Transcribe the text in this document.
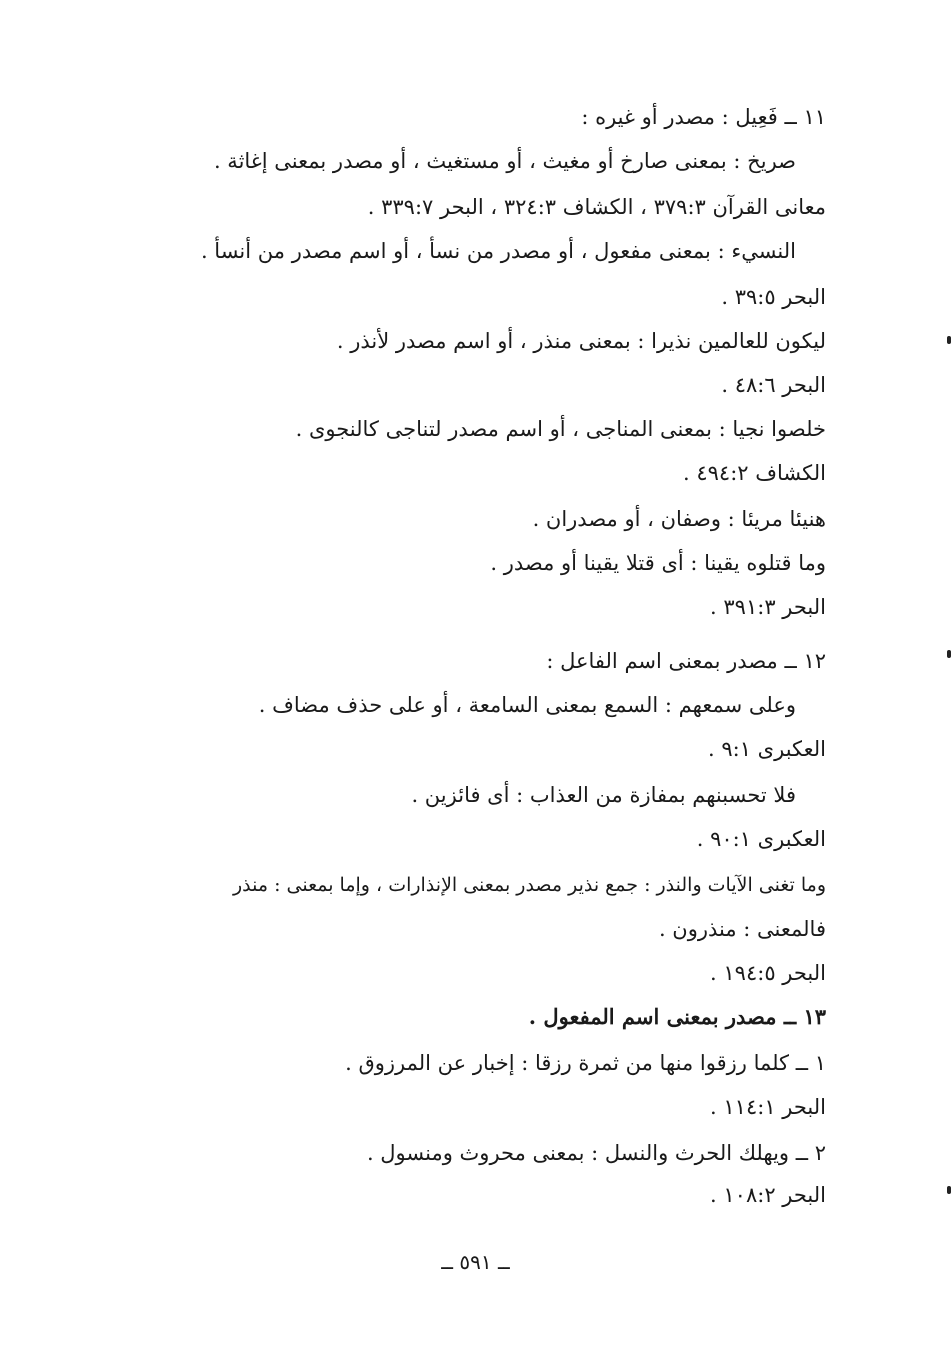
١١ ــ فَعِيل : مصدر أو غيره :
صريخ : بمعنى صارخ أو مغيث ، أو مستغيث ، أو مصدر بمعنى إغاثة .
معانى القرآن ٣٧٩:٣ ، الكشاف ٣٢٤:٣ ، البحر ٣٣٩:٧ .
النسيء : بمعنى مفعول ، أو مصدر من نسأ ، أو اسم مصدر من أنسأ .
البحر ٣٩:٥ .
ليكون للعالمين نذيرا : بمعنى منذر ، أو اسم مصدر لأنذر .
البحر ٤٨:٦ .
خلصوا نجيا : بمعنى المناجى ، أو اسم مصدر لتناجى كالنجوى .
الكشاف ٤٩٤:٢ .
هنيئا مريئا : وصفان ، أو مصدران .
وما قتلوه يقينا : أى قتلا يقينا أو مصدر .
البحر ٣٩١:٣ .
١٢ ــ مصدر بمعنى اسم الفاعل :
وعلى سمعهم : السمع بمعنى السامعة ، أو على حذف مضاف .
العكبرى ٩:١ .
فلا تحسبنهم بمفازة من العذاب : أى فائزين .
العكبرى ٩٠:١ .
وما تغنى الآيات والنذر : جمع نذير مصدر بمعنى الإنذارات ، وإما بمعنى : منذر
فالمعنى : منذرون .
البحر ١٩٤:٥ .
١٣ ــ مصدر بمعنى اسم المفعول .
١ ــ كلما رزقوا منها من ثمرة رزقا : إخبار عن المرزوق .
البحر ١١٤:١ .
٢ ــ ويهلك الحرث والنسل : بمعنى محروث ومنسول .
البحر ١٠٨:٢ .
ــ ٥٩١ ــ
